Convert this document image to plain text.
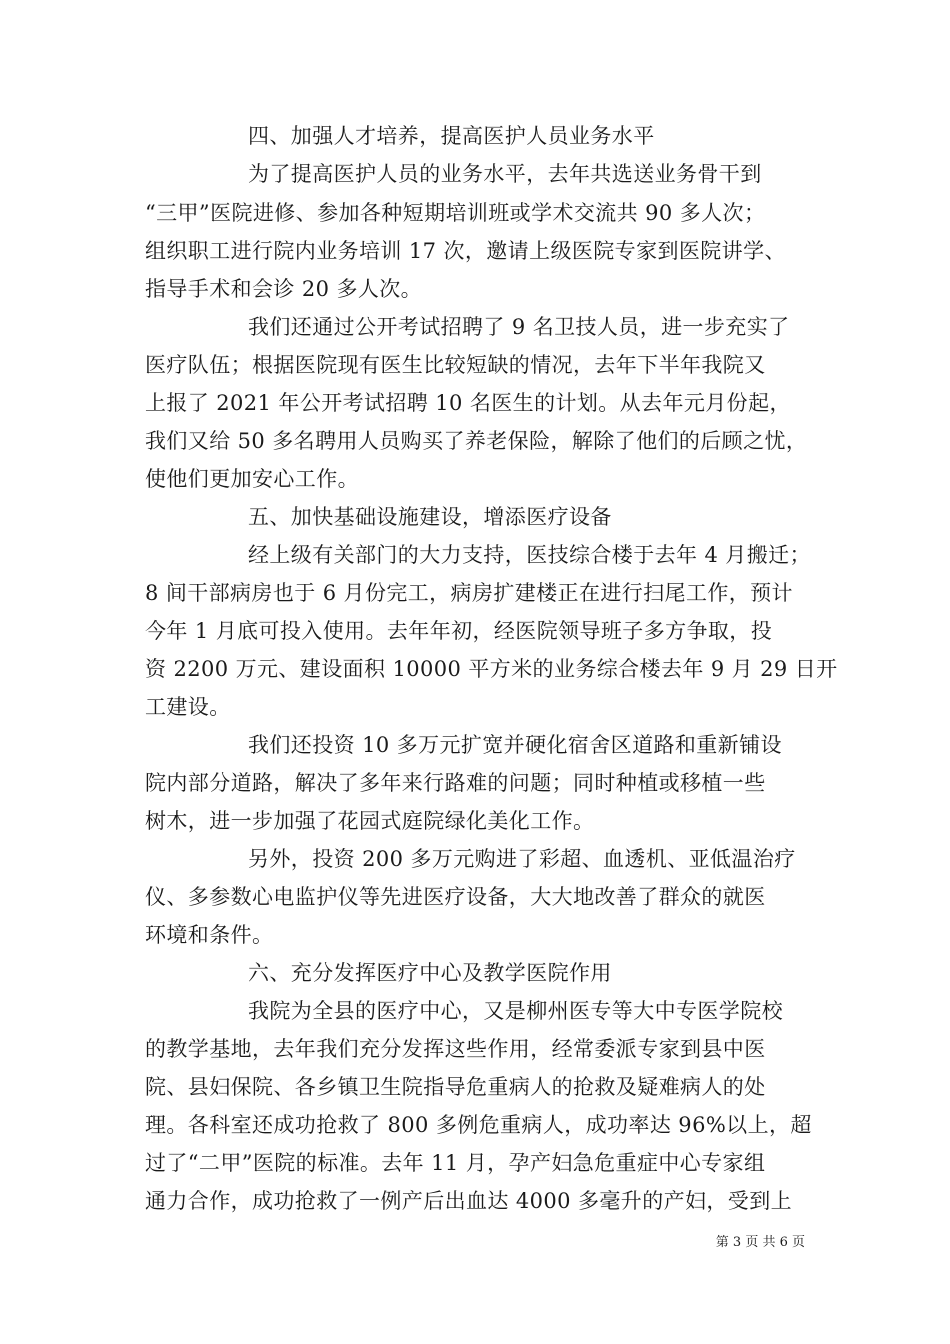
四、加强人才培养，提高医护人员业务水平
为了提高医护人员的业务水平，去年共选送业务骨干到
“三甲”医院进修、参加各种短期培训班或学术交流共 90 多人次；
组织职工进行院内业务培训 17 次，邀请上级医院专家到医院讲学、
指导手术和会诊 20 多人次。
我们还通过公开考试招聘了 9 名卫技人员，进一步充实了
医疗队伍；根据医院现有医生比较短缺的情况，去年下半年我院又
上报了 2021 年公开考试招聘 10 名医生的计划。从去年元月份起，
我们又给 50 多名聘用人员购买了养老保险，解除了他们的后顾之忧，
使他们更加安心工作。
五、加快基础设施建设，增添医疗设备
经上级有关部门的大力支持，医技综合楼于去年 4 月搬迁；
8 间干部病房也于 6 月份完工，病房扩建楼正在进行扫尾工作，预计
今年 1 月底可投入使用。去年年初，经医院领导班子多方争取，投
资 2200 万元、建设面积 10000 平方米的业务综合楼去年 9 月 29 日开
工建设。
我们还投资 10 多万元扩宽并硬化宿舍区道路和重新铺设
院内部分道路，解决了多年来行路难的问题；同时种植或移植一些
树木，进一步加强了花园式庭院绿化美化工作。
另外，投资 200 多万元购进了彩超、血透机、亚低温治疗
仪、多参数心电监护仪等先进医疗设备，大大地改善了群众的就医
环境和条件。
六、充分发挥医疗中心及教学医院作用
我院为全县的医疗中心，又是柳州医专等大中专医学院校
的教学基地，去年我们充分发挥这些作用，经常委派专家到县中医
院、县妇保院、各乡镇卫生院指导危重病人的抢救及疑难病人的处
理。各科室还成功抢救了 800 多例危重病人，成功率达 96%以上，超
过了“二甲”医院的标准。去年 11 月，孕产妇急危重症中心专家组
通力合作，成功抢救了一例产后出血达 4000 多毫升的产妇，受到上
第 3 页 共 6 页
